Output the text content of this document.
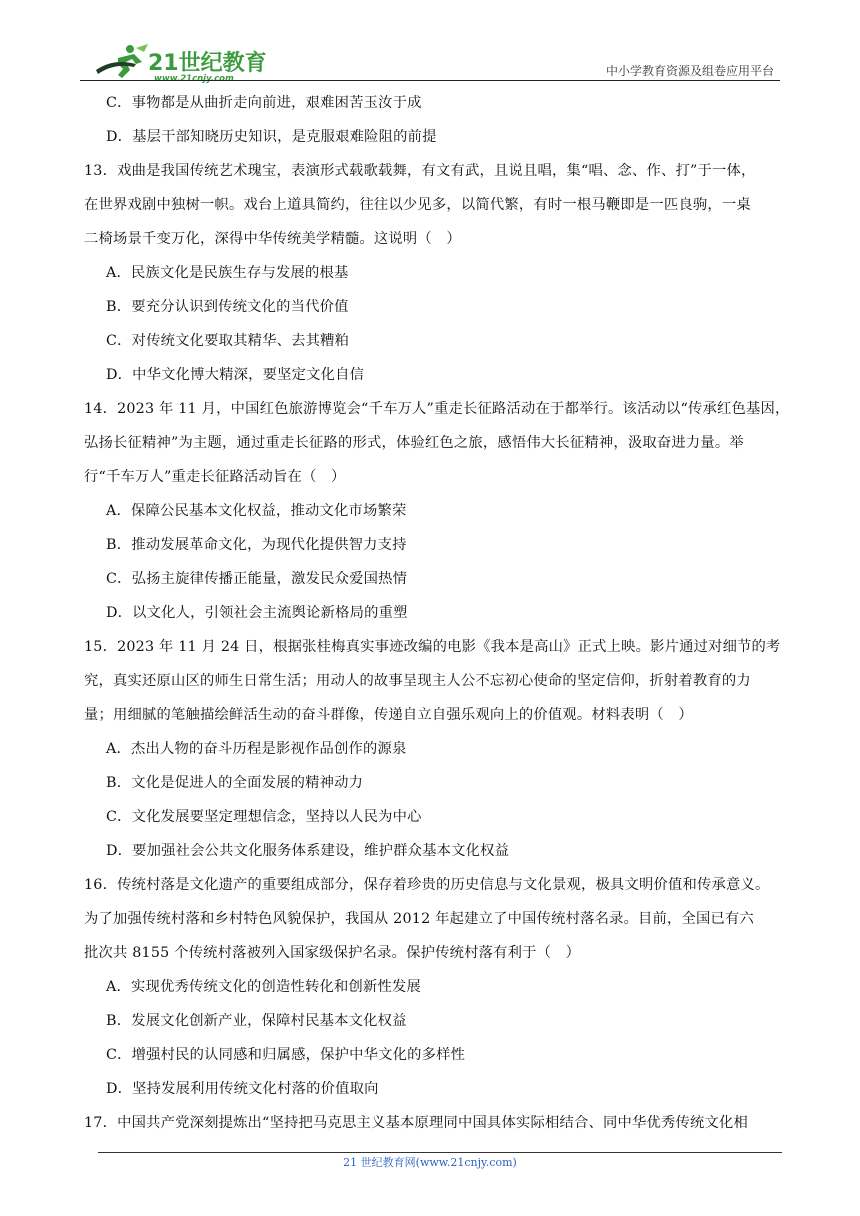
21世纪教育
www.21cnjy.com
中小学教育资源及组卷应用平台
C．事物都是从曲折走向前进，艰难困苦玉汝于成
D．基层干部知晓历史知识，是克服艰难险阻的前提
13．戏曲是我国传统艺术瑰宝，表演形式载歌载舞，有文有武，且说且唱，集“唱、念、作、打”于一体，
在世界戏剧中独树一帜。戏台上道具简约，往往以少见多，以简代繁，有时一根马鞭即是一匹良驹，一桌
二椅场景千变万化，深得中华传统美学精髓。这说明（　）
A．民族文化是民族生存与发展的根基
B．要充分认识到传统文化的当代价值
C．对传统文化要取其精华、去其糟粕
D．中华文化博大精深，要坚定文化自信
14．2023 年 11 月，中国红色旅游博览会“千车万人”重走长征路活动在于都举行。该活动以“传承红色基因，
弘扬长征精神”为主题，通过重走长征路的形式，体验红色之旅，感悟伟大长征精神，汲取奋进力量。举
行“千车万人”重走长征路活动旨在（　）
A．保障公民基本文化权益，推动文化市场繁荣
B．推动发展革命文化，为现代化提供智力支持
C．弘扬主旋律传播正能量，激发民众爱国热情
D．以文化人，引领社会主流舆论新格局的重塑
15．2023 年 11 月 24 日，根据张桂梅真实事迹改编的电影《我本是高山》正式上映。影片通过对细节的考
究，真实还原山区的师生日常生活；用动人的故事呈现主人公不忘初心使命的坚定信仰，折射着教育的力
量；用细腻的笔触描绘鲜活生动的奋斗群像，传递自立自强乐观向上的价值观。材料表明（　）
A．杰出人物的奋斗历程是影视作品创作的源泉
B．文化是促进人的全面发展的精神动力
C．文化发展要坚定理想信念，坚持以人民为中心
D．要加强社会公共文化服务体系建设，维护群众基本文化权益
16．传统村落是文化遗产的重要组成部分，保存着珍贵的历史信息与文化景观，极具文明价值和传承意义。
为了加强传统村落和乡村特色风貌保护，我国从 2012 年起建立了中国传统村落名录。目前，全国已有六
批次共 8155 个传统村落被列入国家级保护名录。保护传统村落有利于（　）
A．实现优秀传统文化的创造性转化和创新性发展
B．发展文化创新产业，保障村民基本文化权益
C．增强村民的认同感和归属感，保护中华文化的多样性
D．坚持发展利用传统文化村落的价值取向
17．中国共产党深刻提炼出“坚持把马克思主义基本原理同中国具体实际相结合、同中华优秀传统文化相
21 世纪教育网(www.21cnjy.com)
